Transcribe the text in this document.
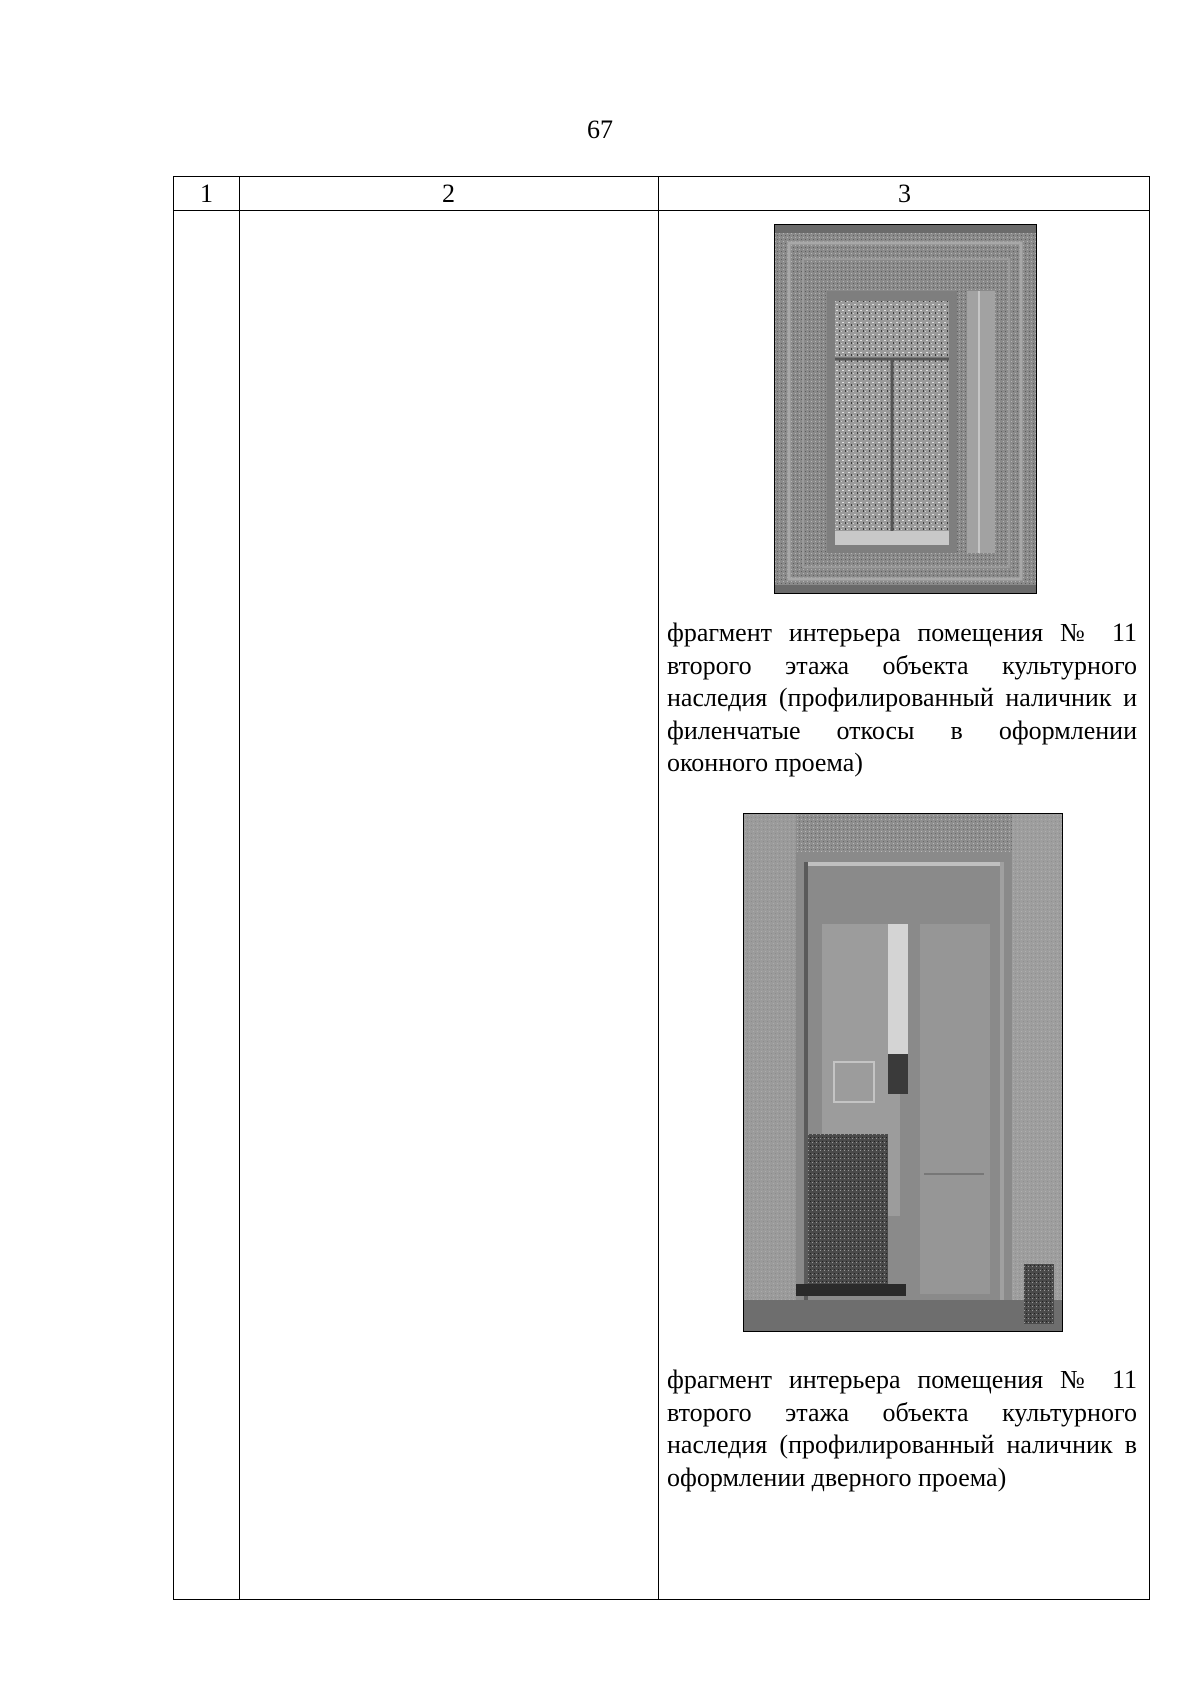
67
1	2	3
фрагмент интерьера помещения № 11 второго этажа объекта культурного наследия (профилированный наличник и филенчатые откосы в оформлении оконного проема)
фрагмент интерьера помещения № 11 второго этажа объекта культурного наследия (профилированный наличник в оформлении дверного проема)
